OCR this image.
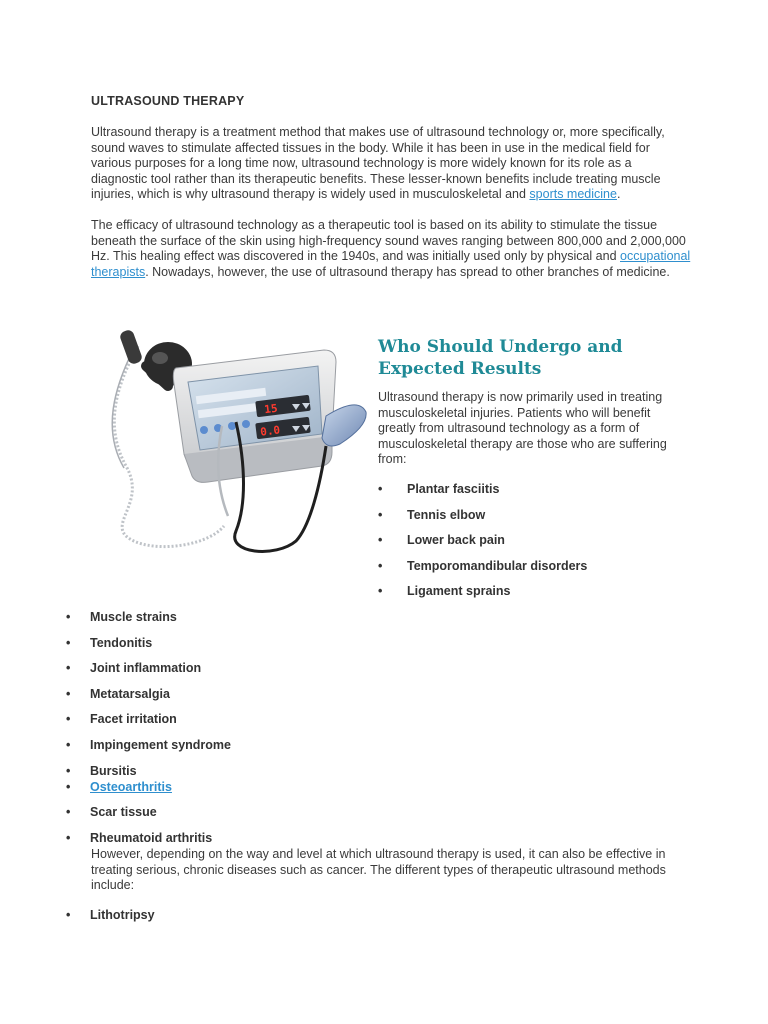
ULTRASOUND THERAPY

Ultrasound therapy is a treatment method that makes use of ultrasound technology or, more specifically, sound waves to stimulate affected tissues in the body. While it has been in use in the medical field for various purposes for a long time now, ultrasound technology is more widely known for its role as a diagnostic tool rather than its therapeutic benefits. These lesser-known benefits include treating muscle injuries, which is why ultrasound therapy is widely used in musculoskeletal and sports medicine.

The efficacy of ultrasound technology as a therapeutic tool is based on its ability to stimulate the tissue beneath the surface of the skin using high-frequency sound waves ranging between 800,000 and 2,000,000 Hz. This healing effect was discovered in the 1940s, and was initially used only by physical and occupational therapists. Nowadays, however, the use of ultrasound therapy has spread to other branches of medicine.

15
0.0
Who Should Undergo and Expected Results

Ultrasound therapy is now primarily used in treating musculoskeletal injuries. Patients who will benefit greatly from ultrasound technology as a form of musculoskeletal therapy are those who are suffering from:

• Plantar fasciitis
• Tennis elbow
• Lower back pain
• Temporomandibular disorders
• Ligament sprains
• Muscle strains
• Tendonitis
• Joint inflammation
• Metatarsalgia
• Facet irritation
• Impingement syndrome
• Bursitis
• Osteoarthritis
• Scar tissue
• Rheumatoid arthritis

However, depending on the way and level at which ultrasound therapy is used, it can also be effective in treating serious, chronic diseases such as cancer. The different types of therapeutic ultrasound methods include:

• Lithotripsy
